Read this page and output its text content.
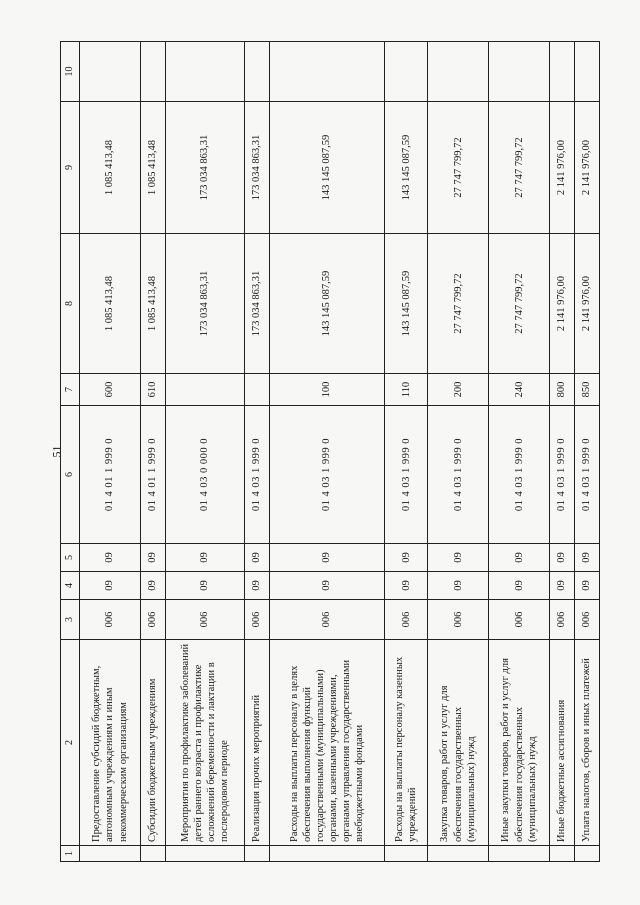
51
1	2	3	4	5	6	7	8	9	10
	Предоставление субсидий бюджетным, автономным учреждениям и иным некоммерческим организациям	006	09	09	01 4 01 1 999 0	600	1 085 413,48	1 085 413,48	
	Субсидии бюджетным учреждениям	006	09	09	01 4 01 1 999 0	610	1 085 413,48	1 085 413,48	
	Мероприятия по профилактике заболеваний детей раннего возраста и профилактике осложнений беременности и лактации в послеродовом периоде	006	09	09	01 4 03 0 000 0		173 034 863,31	173 034 863,31	
	Реализация прочих мероприятий	006	09	09	01 4 03 1 999 0		173 034 863,31	173 034 863,31	
	Расходы на выплаты персоналу в целях обеспечения выполнения функций государственными (муниципальными) органами, казенными учреждениями, органами управления государственными внебюджетными фондами	006	09	09	01 4 03 1 999 0	100	143 145 087,59	143 145 087,59	
	Расходы на выплаты персоналу казенных учреждений	006	09	09	01 4 03 1 999 0	110	143 145 087,59	143 145 087,59	
	Закупка товаров, работ и услуг для обеспечения государственных (муниципальных) нужд	006	09	09	01 4 03 1 999 0	200	27 747 799,72	27 747 799,72	
	Иные закупки товаров, работ и услуг для обеспечения государственных (муниципальных) нужд	006	09	09	01 4 03 1 999 0	240	27 747 799,72	27 747 799,72	
	Иные бюджетные ассигнования	006	09	09	01 4 03 1 999 0	800	2 141 976,00	2 141 976,00	
	Уплата налогов, сборов и иных платежей	006	09	09	01 4 03 1 999 0	850	2 141 976,00	2 141 976,00	
